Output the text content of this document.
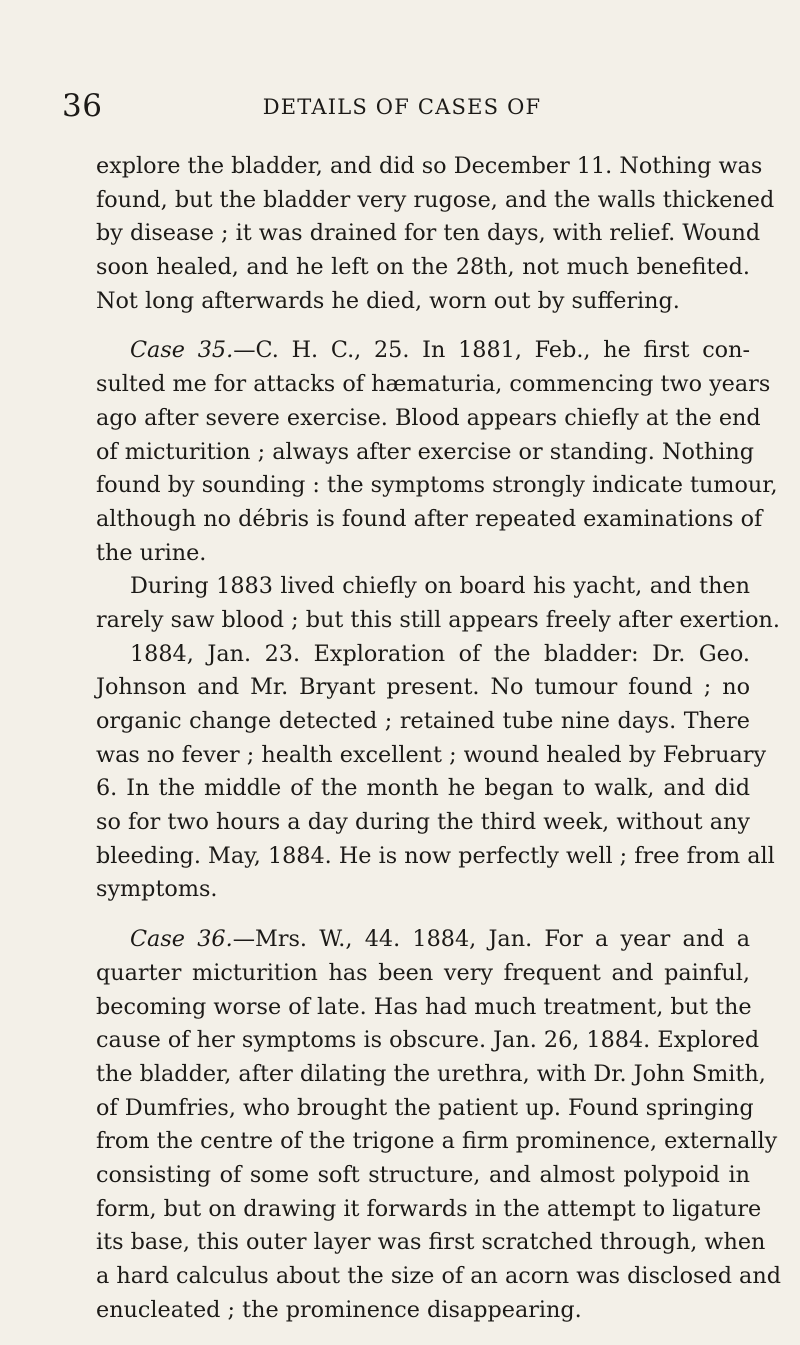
36	DETAILS OF CASES OF
explore the bladder, and did so December 11. Nothing was
found, but the bladder very rugose, and the walls thickened
by disease ; it was drained for ten days, with relief. Wound
soon healed, and he left on the 28th, not much benefited.
Not long afterwards he died, worn out by suffering.
Case 35.—C. H. C., 25. In 1881, Feb., he first con-
sulted me for attacks of hæmaturia, commencing two years
ago after severe exercise. Blood appears chiefly at the end
of micturition ; always after exercise or standing. Nothing
found by sounding : the symptoms strongly indicate tumour,
although no débris is found after repeated examinations of
the urine.
During 1883 lived chiefly on board his yacht, and then
rarely saw blood ; but this still appears freely after exertion.
1884, Jan. 23. Exploration of the bladder: Dr. Geo.
Johnson and Mr. Bryant present. No tumour found ; no
organic change detected ; retained tube nine days. There
was no fever ; health excellent ; wound healed by February
6. In the middle of the month he began to walk, and did
so for two hours a day during the third week, without any
bleeding. May, 1884. He is now perfectly well ; free from all
symptoms.
Case 36.—Mrs. W., 44. 1884, Jan. For a year and a
quarter micturition has been very frequent and painful,
becoming worse of late. Has had much treatment, but the
cause of her symptoms is obscure. Jan. 26, 1884. Explored
the bladder, after dilating the urethra, with Dr. John Smith,
of Dumfries, who brought the patient up. Found springing
from the centre of the trigone a firm prominence, externally
consisting of some soft structure, and almost polypoid in
form, but on drawing it forwards in the attempt to ligature
its base, this outer layer was first scratched through, when
a hard calculus about the size of an acorn was disclosed and
enucleated ; the prominence disappearing.
